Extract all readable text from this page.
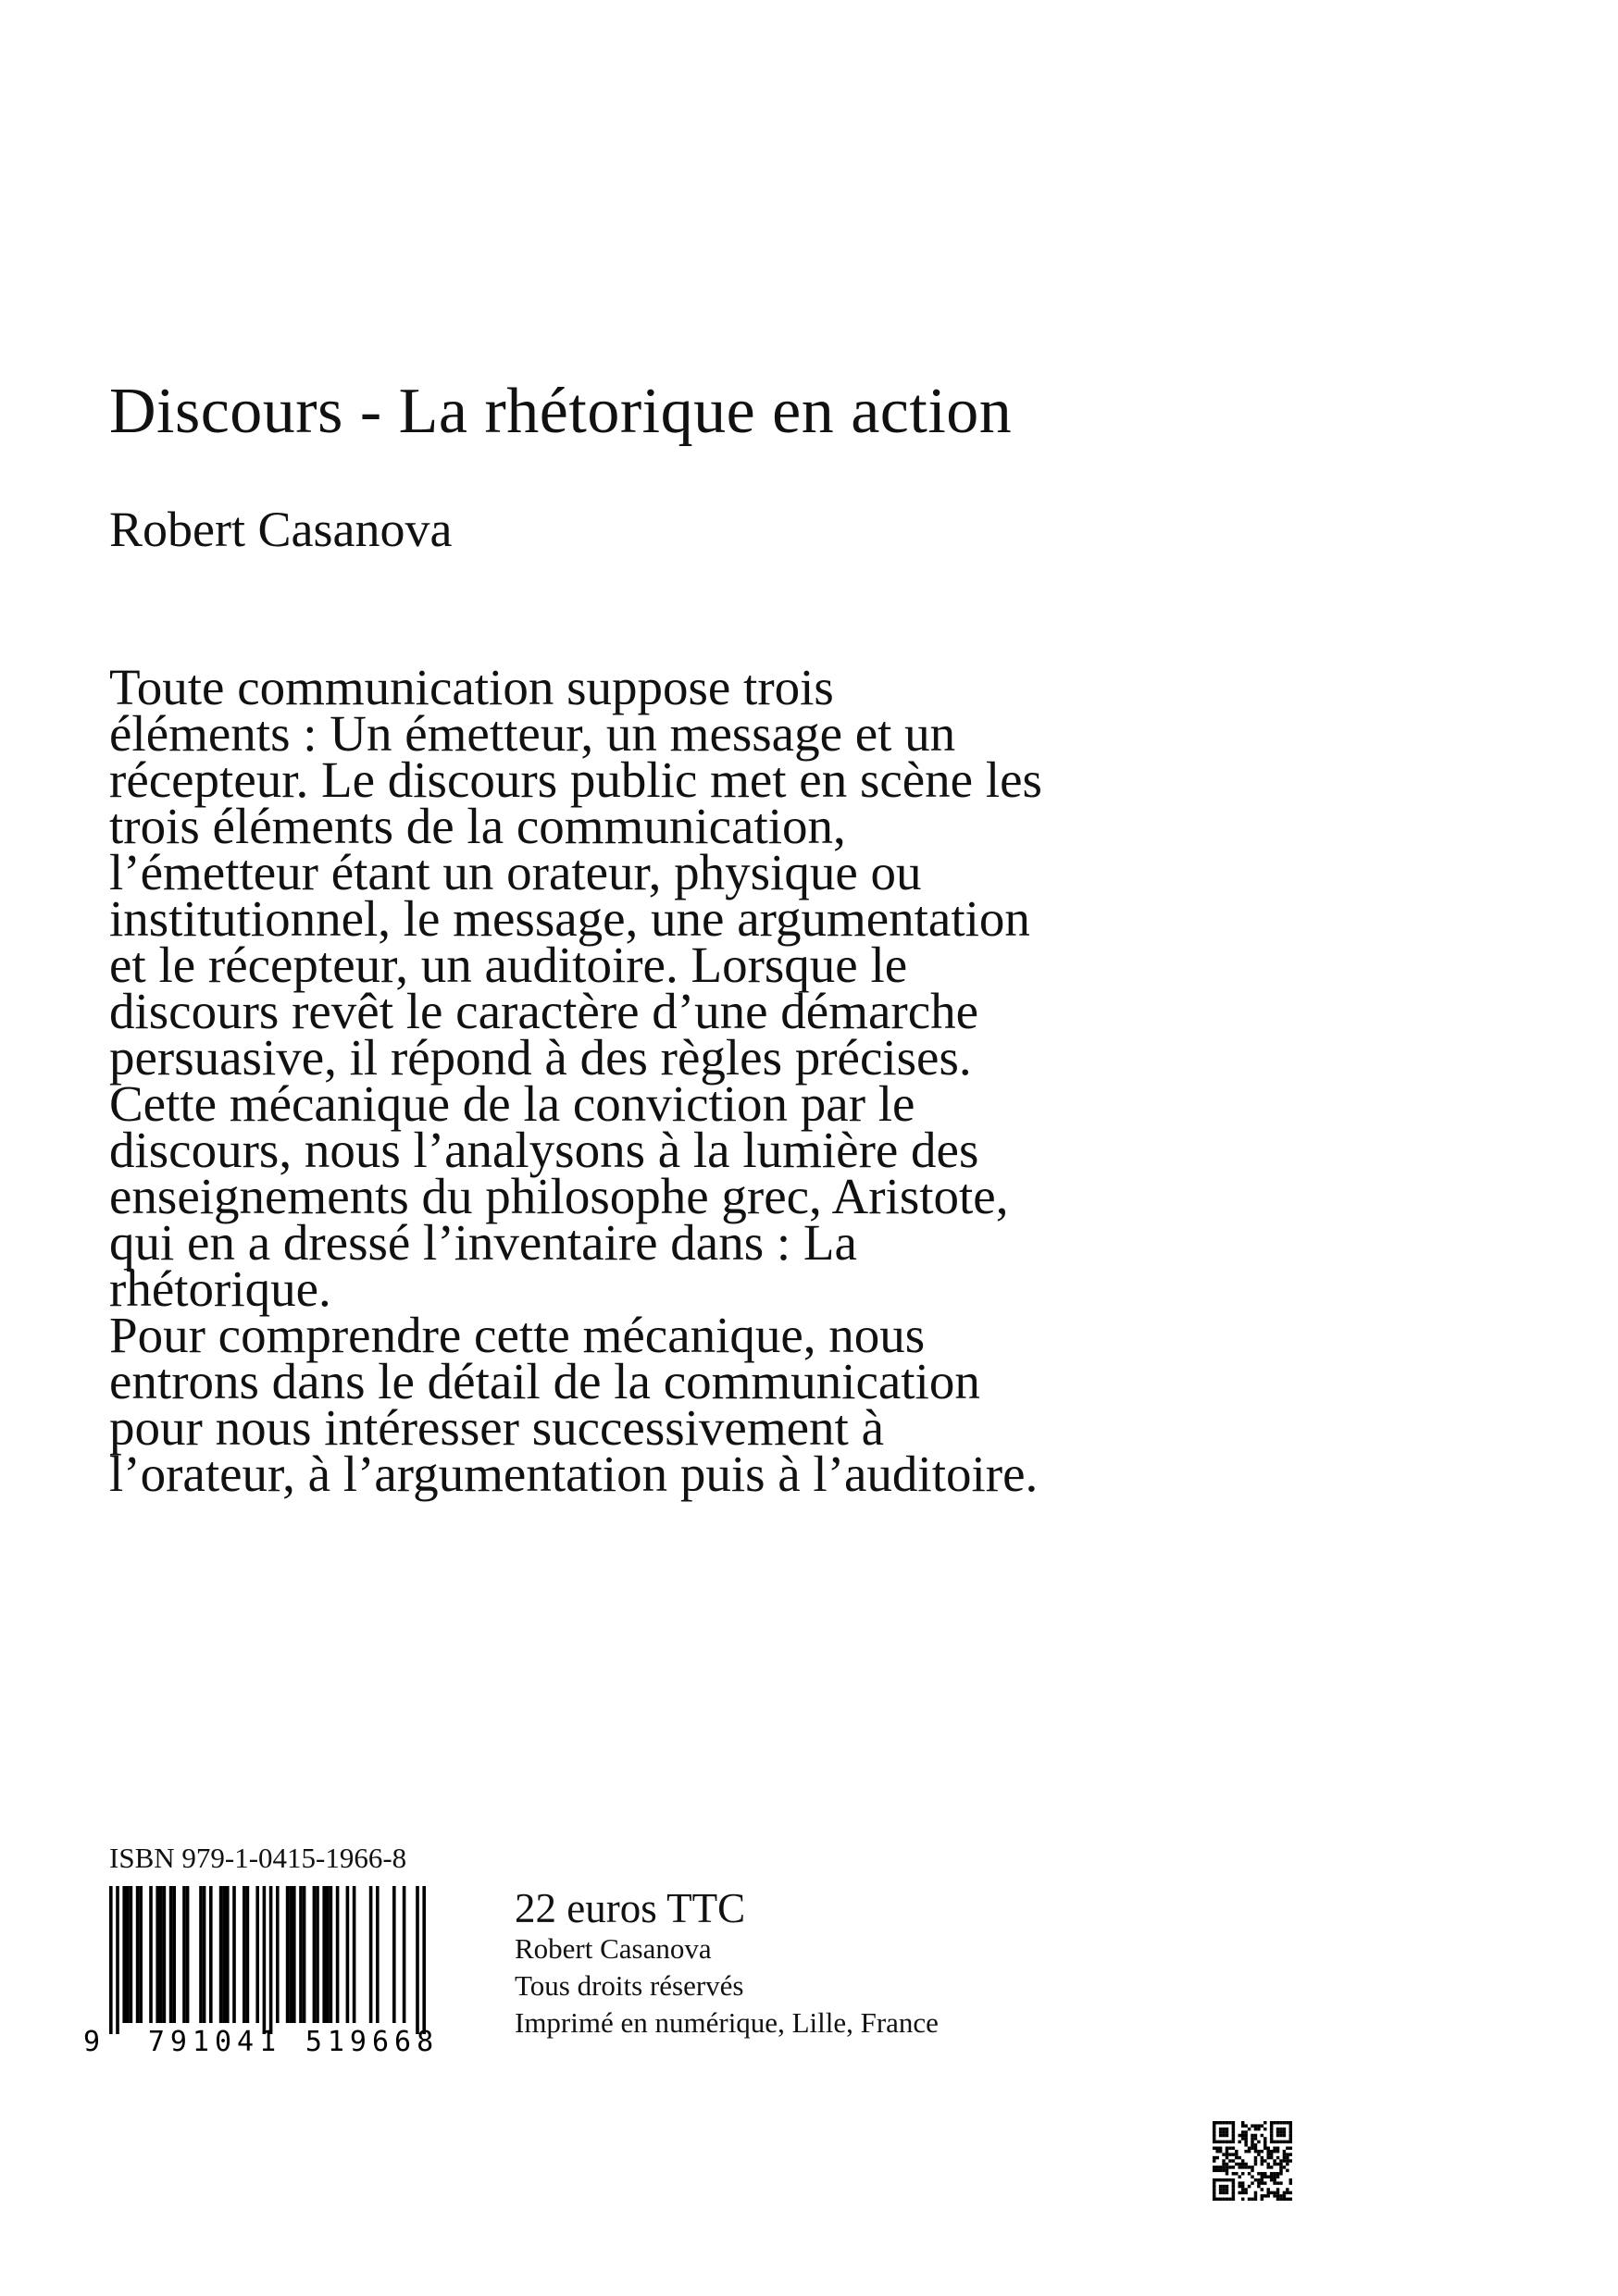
Discours - La rhétorique en action
Robert Casanova

Toute communication suppose trois
éléments : Un émetteur, un message et un
récepteur. Le discours public met en scène les
trois éléments de la communication,
l’émetteur étant un orateur, physique ou
institutionnel, le message, une argumentation
et le récepteur, un auditoire. Lorsque le
discours revêt le caractère d’une démarche
persuasive, il répond à des règles précises.
Cette mécanique de la conviction par le
discours, nous l’analysons à la lumière des
enseignements du philosophe grec, Aristote,
qui en a dressé l’inventaire dans : La
rhétorique.

Pour comprendre cette mécanique, nous
entrons dans le détail de la communication
pour nous intéresser successivement à
l’orateur, à l’argumentation puis à l’auditoire.

ISBN 979-1-0415-1966-8
9 791041 519668
22 euros TTC
Robert Casanova
Tous droits réservés
Imprimé en numérique, Lille, France
